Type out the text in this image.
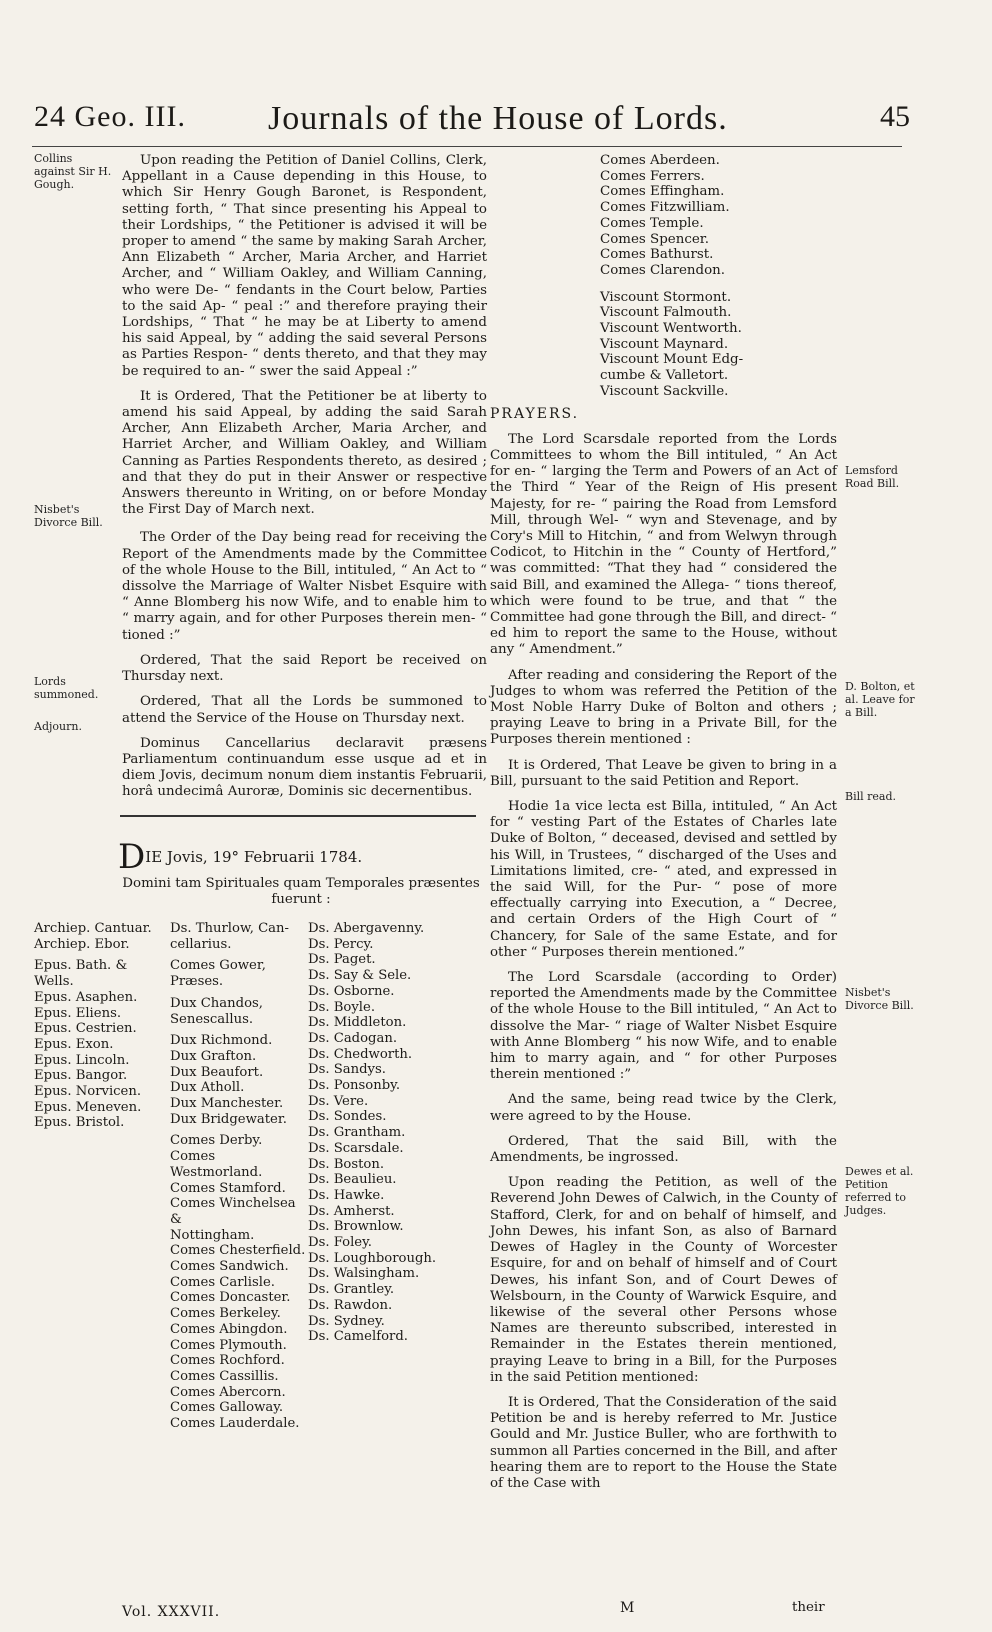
24 Geo. III. Journals of the House of Lords.	45
Collins against Sir H. Gough.
Nisbet's Divorce Bill.
Lords summoned.
Adjourn.

Upon reading the Petition of Daniel Collins, Clerk, Appellant in a Cause depending in this House, to which Sir Henry Gough Baronet, is Respondent, setting forth, “ That since presenting his Appeal to their Lordships, “ the Petitioner is advised it will be proper to amend “ the same by making Sarah Archer, Ann Elizabeth “ Archer, Maria Archer, and Harriet Archer, and “ William Oakley, and William Canning, who were De- “ fendants in the Court below, Parties to the said Ap- “ peal :” and therefore praying their Lordships, “ That “ he may be at Liberty to amend his said Appeal, by “ adding the said several Persons as Parties Respon- “ dents thereto, and that they may be required to an- “ swer the said Appeal :”

It is Ordered, That the Petitioner be at liberty to amend his said Appeal, by adding the said Sarah Archer, Ann Elizabeth Archer, Maria Archer, and Harriet Archer, and William Oakley, and William Canning as Parties Respondents thereto, as desired ; and that they do put in their Answer or respective Answers thereunto in Writing, on or before Monday the First Day of March next.

The Order of the Day being read for receiving the Report of the Amendments made by the Committee of the whole House to the Bill, intituled, “ An Act to “ dissolve the Marriage of Walter Nisbet Esquire with “ Anne Blomberg his now Wife, and to enable him to “ marry again, and for other Purposes therein men- “ tioned :”

Ordered, That the said Report be received on Thursday next.

Ordered, That all the Lords be summoned to attend the Service of the House on Thursday next.

Dominus Cancellarius declaravit præsens Parliamentum continuandum esse usque ad et in diem Jovis, decimum nonum diem instantis Februarii, horâ undecimâ Auroræ, Dominis sic decernentibus.

DIE Jovis, 19° Februarii 1784.
Domini tam Spirituales quam Temporales præsentes fuerunt :
Archiep. Cantuar.
Archiep. Ebor.

Epus. Bath. & Wells.
Epus. Asaphen.
Epus. Eliens.
Epus. Cestrien.
Epus. Exon.
Epus. Lincoln.
Epus. Bangor.
Epus. Norvicen.
Epus. Meneven.
Epus. Bristol.
Ds. Thurlow, Can-
cellarius.

Comes Gower,
Præses.

Dux Chandos,
Senescallus.

Dux Richmond.
Dux Grafton.
Dux Beaufort.
Dux Atholl.
Dux Manchester.
Dux Bridgewater.

Comes Derby.
Comes Westmorland.
Comes Stamford.
Comes Winchelsea &
Nottingham.
Comes Chesterfield.
Comes Sandwich.
Comes Carlisle.
Comes Doncaster.
Comes Berkeley.
Comes Abingdon.
Comes Plymouth.
Comes Rochford.
Comes Cassillis.
Comes Abercorn.
Comes Galloway.
Comes Lauderdale.
Ds. Abergavenny.
Ds. Percy.
Ds. Paget.
Ds. Say & Sele.
Ds. Osborne.
Ds. Boyle.
Ds. Middleton.
Ds. Cadogan.
Ds. Chedworth.
Ds. Sandys.
Ds. Ponsonby.
Ds. Vere.
Ds. Sondes.
Ds. Grantham.
Ds. Scarsdale.
Ds. Boston.
Ds. Beaulieu.
Ds. Hawke.
Ds. Amherst.
Ds. Brownlow.
Ds. Foley.
Ds. Loughborough.
Ds. Walsingham.
Ds. Grantley.
Ds. Rawdon.
Ds. Sydney.
Ds. Camelford.
Vol. XXXVII.
Comes Aberdeen.
Comes Ferrers.
Comes Effingham.
Comes Fitzwilliam.
Comes Temple.
Comes Spencer.
Comes Bathurst.
Comes Clarendon.
Viscount Stormont.
Viscount Falmouth.
Viscount Wentworth.
Viscount Maynard.
Viscount Mount Edg-
cumbe & Valletort.
Viscount Sackville.
PRAYERS.

The Lord Scarsdale reported from the Lords Committees to whom the Bill intituled, “ An Act for en- “ larging the Term and Powers of an Act of the Third “ Year of the Reign of His present Majesty, for re- “ pairing the Road from Lemsford Mill, through Wel- “ wyn and Stevenage, and by Cory's Mill to Hitchin, “ and from Welwyn through Codicot, to Hitchin in the “ County of Hertford,” was committed: “That they had “ considered the said Bill, and examined the Allega- “ tions thereof, which were found to be true, and that “ the Committee had gone through the Bill, and direct- “ ed him to report the same to the House, without any “ Amendment.”

After reading and considering the Report of the Judges to whom was referred the Petition of the Most Noble Harry Duke of Bolton and others ; praying Leave to bring in a Private Bill, for the Purposes therein mentioned :

It is Ordered, That Leave be given to bring in a Bill, pursuant to the said Petition and Report.

Hodie 1a vice lecta est Billa, intituled, “ An Act for “ vesting Part of the Estates of Charles late Duke of Bolton, “ deceased, devised and settled by his Will, in Trustees, “ discharged of the Uses and Limitations limited, cre- “ ated, and expressed in the said Will, for the Pur- “ pose of more effectually carrying into Execution, a “ Decree, and certain Orders of the High Court of “ Chancery, for Sale of the same Estate, and for other “ Purposes therein mentioned.”

The Lord Scarsdale (according to Order) reported the Amendments made by the Committee of the whole House to the Bill intituled, “ An Act to dissolve the Mar- “ riage of Walter Nisbet Esquire with Anne Blomberg “ his now Wife, and to enable him to marry again, and “ for other Purposes therein mentioned :”

And the same, being read twice by the Clerk, were agreed to by the House.

Ordered, That the said Bill, with the Amendments, be ingrossed.

Upon reading the Petition, as well of the Reverend John Dewes of Calwich, in the County of Stafford, Clerk, for and on behalf of himself, and John Dewes, his infant Son, as also of Barnard Dewes of Hagley in the County of Worcester Esquire, for and on behalf of himself and of Court Dewes, his infant Son, and of Court Dewes of Welsbourn, in the County of Warwick Esquire, and likewise of the several other Persons whose Names are thereunto subscribed, interested in Remainder in the Estates therein mentioned, praying Leave to bring in a Bill, for the Purposes in the said Petition mentioned:

It is Ordered, That the Consideration of the said Petition be and is hereby referred to Mr. Justice Gould and Mr. Justice Buller, who are forthwith to summon all Parties concerned in the Bill, and after hearing them are to report to the House the State of the Case with

Lemsford Road Bill.
D. Bolton, et al. Leave for a Bill.
Bill read.
Nisbet's Divorce Bill.
Dewes et al. Petition referred to Judges.
M	their
